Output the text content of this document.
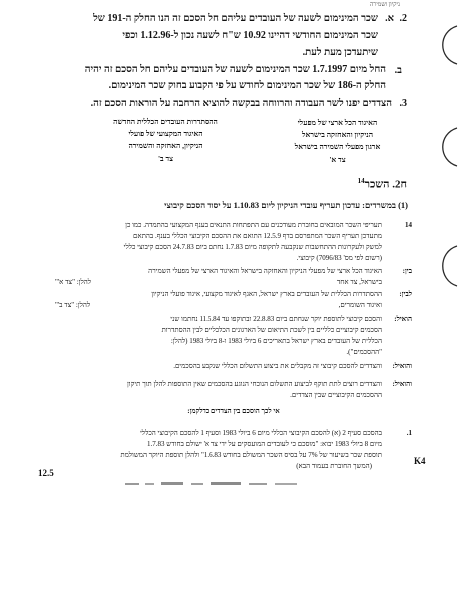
ניקיון ושמירה
2.
א.
שכר המינימום לשעה של העובדים עליהם חל הסכם זה הנו החלק ה-191 של שכר המינימום החודשי דהיינו 10.92 ש"ח לשעה נכון ל-1.12.96 וכפי שיתעדכן מעת לעת.
ב.
החל מיום 1.7.1997 שכר המינימום לשעה של העובדים עליהם חל הסכם זה יהיה החלק ה-186 של שכר המינימום לחודש על פי הקבוע בחוק שכר המינימום.
3.
הצדדים יפנו לשר העבודה והרווחה בבקשה להוציא הרחבה על הוראות הסכם זה.
האיגוד הכל ארצי של מפעלי
הניקיון והאחזקה בישראל
ארגון מפעלי השמירה בישראל
צד א'
ההסתדרות העובדים הכללית החדשה
האיגוד המקצועי של פועלי
הניקיון, האחזקה והשמירה
צד ב'
ח2. השכר$^{14}$
(1) במשרדים: עדכון תעריף עובדי הניקיון ליום 1.10.83 על יסוד הסכם קיבוצי
14
תעריפי השכר המובאים בחוברת מעודכנים עם התפתחות התנאים בענף המקצועי בהתמדה. כמו כן
מתעדכן תעריף השכר המתפרסם בדף 12.5.9 התואם את ההסכם הקיבוצי הכללי בענף. בהתאם
למשק ולעקרונות ההתחשבות שנקבעה לתקופה מיום 1.7.83 נחתם ביום 24.7.83 הסכם קיבוצי כללי
(רשום לפי מס' 7096/83) קיבוצי.
בין:
האיגוד הכל ארצי של מפעלי הניקיון והאחזקה בישראל והאיגוד הארצי של מפעלי השמירה
בישראל, צד אחד
להלן: "צד א'"
לבין:
ההסתדרות הכללית של העובדים בארץ ישראל, האגף לאיגוד מקצועי, איגוד פועלי הניקיון
ואיגוד השומרים,
להלן: "צד ב'"
הואיל:
והסכם קיבוצי לתוספת יוקר שנחתם ביום 22.8.83 ובתוקפו עד 11.5.84 נחתמו שני
הסכמים קיבוציים כלליים בין לשכת התיאום של הארגונים הכלכליים לבין ההסתדרות
הכללית של העובדים בארץ ישראל בתאריכים 6 ביולי 1983 ו-8 ביולי 1983 (להלן:
"ההסכמים").
והואיל:
והצדדים להסכם קיבוצי זה מקבלים את ביצוע התשלום הכללי שנקבע בהסכמים.
והואיל:
והצדדים רוצים לתת תוקף לביצוע התשלום הנוכחי הנוגע בהסכמים שאין התוספות להלן תוך תיקון
ההסכמים הקיבוציים שבין הצדדים.
אי לכך הוסכם בין הצדדים כדלקמן:
1.
בהסכם סעיף 2 (א) להסכם הקיבוצי הכללי מיום 6 ביולי 1983 וסעיף 1 להסכם הקיבוצי הכללי
מיום 8 ביולי 1983 יבוא: "מוסכם כי לעובדים המועסקים על ידי צד א' ישולם בחודש 1.7.83
תוספת שכר בשיעור של 7% על בסיס השכר המשולם בחודש 1.6.83" ולהלן תוספת היוקר המשולמת
(המשך החוברת בעמוד הבא)	K4
12.5
